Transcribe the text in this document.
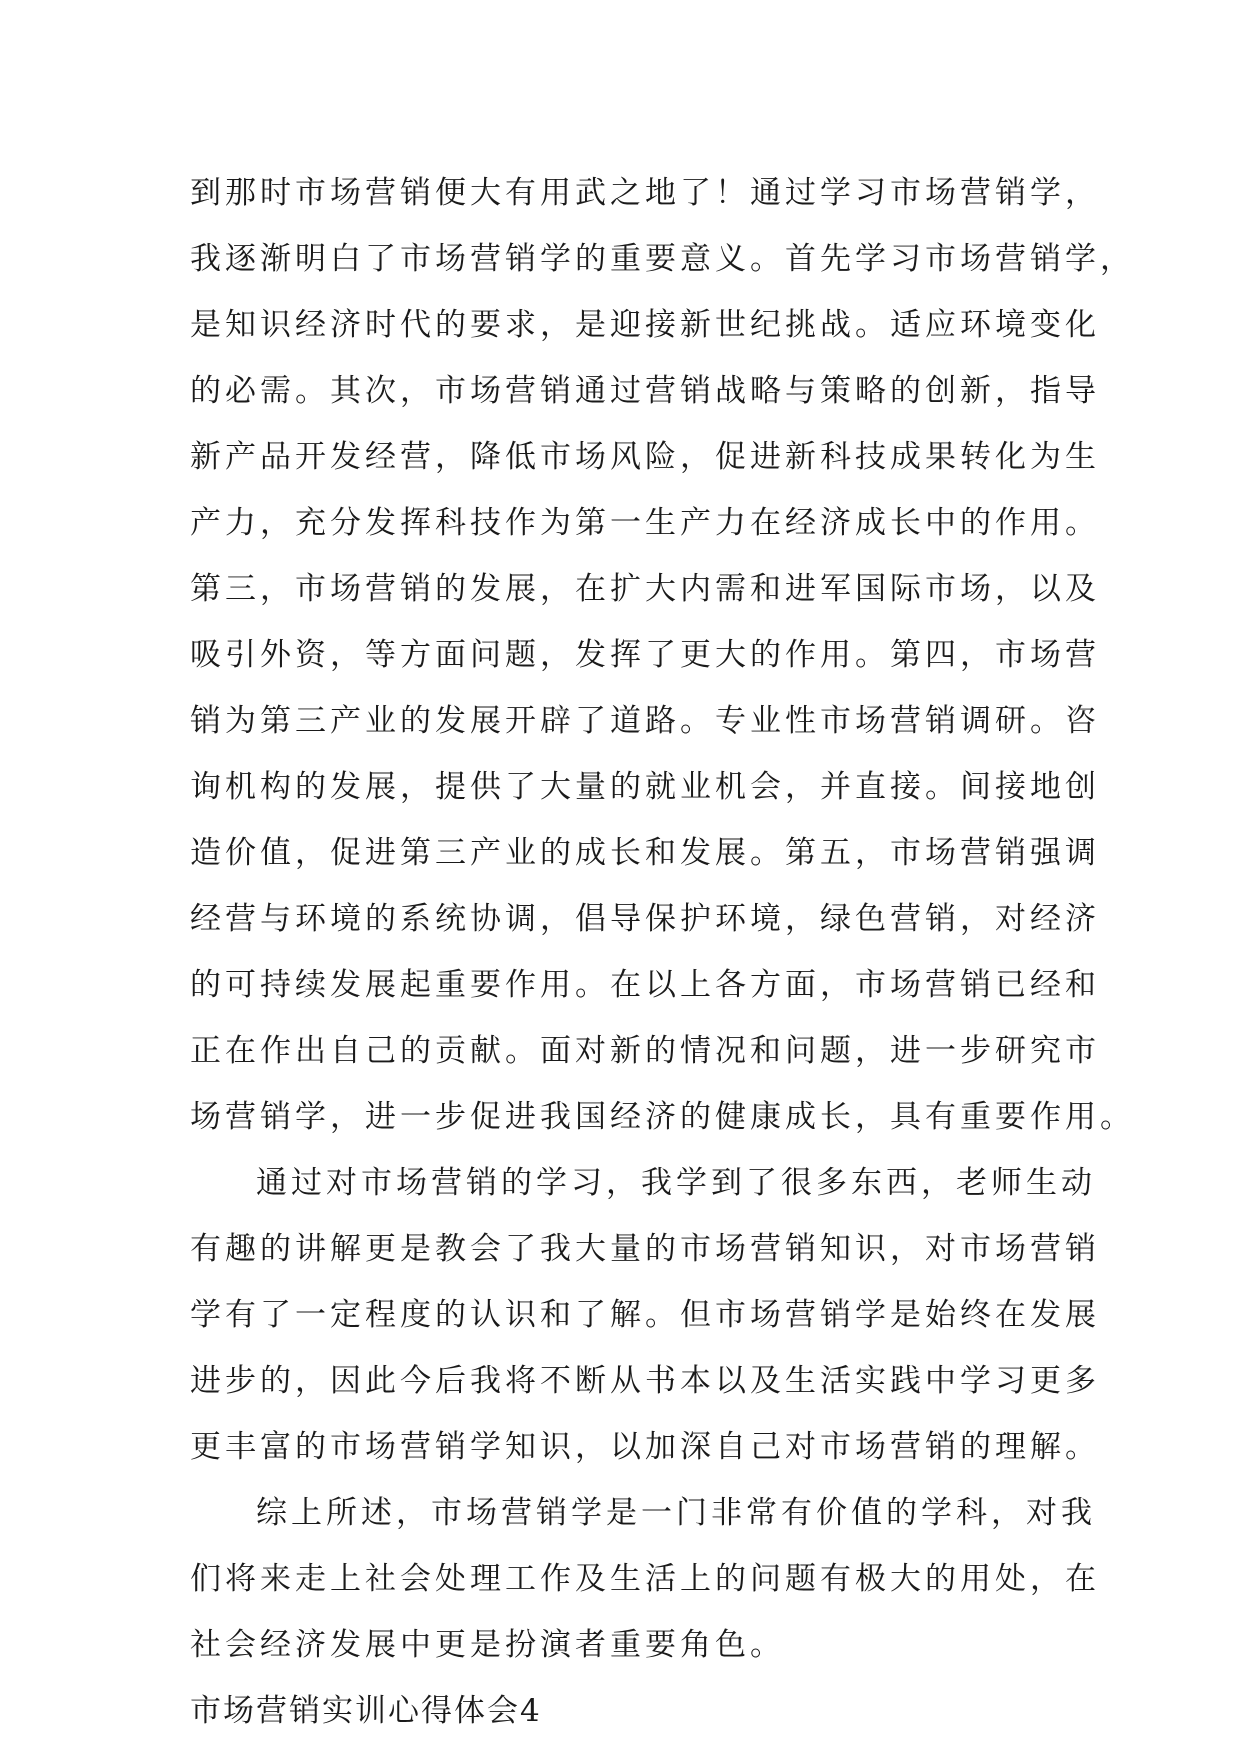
到那时市场营销便大有用武之地了！通过学习市场营销学，
我逐渐明白了市场营销学的重要意义。首先学习市场营销学，
是知识经济时代的要求，是迎接新世纪挑战。适应环境变化
的必需。其次，市场营销通过营销战略与策略的创新，指导
新产品开发经营，降低市场风险，促进新科技成果转化为生
产力，充分发挥科技作为第一生产力在经济成长中的作用。
第三，市场营销的发展，在扩大内需和进军国际市场，以及
吸引外资，等方面问题，发挥了更大的作用。第四，市场营
销为第三产业的发展开辟了道路。专业性市场营销调研。咨
询机构的发展，提供了大量的就业机会，并直接。间接地创
造价值，促进第三产业的成长和发展。第五，市场营销强调
经营与环境的系统协调，倡导保护环境，绿色营销，对经济
的可持续发展起重要作用。在以上各方面，市场营销已经和
正在作出自己的贡献。面对新的情况和问题，进一步研究市
场营销学，进一步促进我国经济的健康成长，具有重要作用。
通过对市场营销的学习，我学到了很多东西，老师生动
有趣的讲解更是教会了我大量的市场营销知识，对市场营销
学有了一定程度的认识和了解。但市场营销学是始终在发展
进步的，因此今后我将不断从书本以及生活实践中学习更多
更丰富的市场营销学知识，以加深自己对市场营销的理解。
综上所述，市场营销学是一门非常有价值的学科，对我
们将来走上社会处理工作及生活上的问题有极大的用处，在
社会经济发展中更是扮演者重要角色。
市场营销实训心得体会4
